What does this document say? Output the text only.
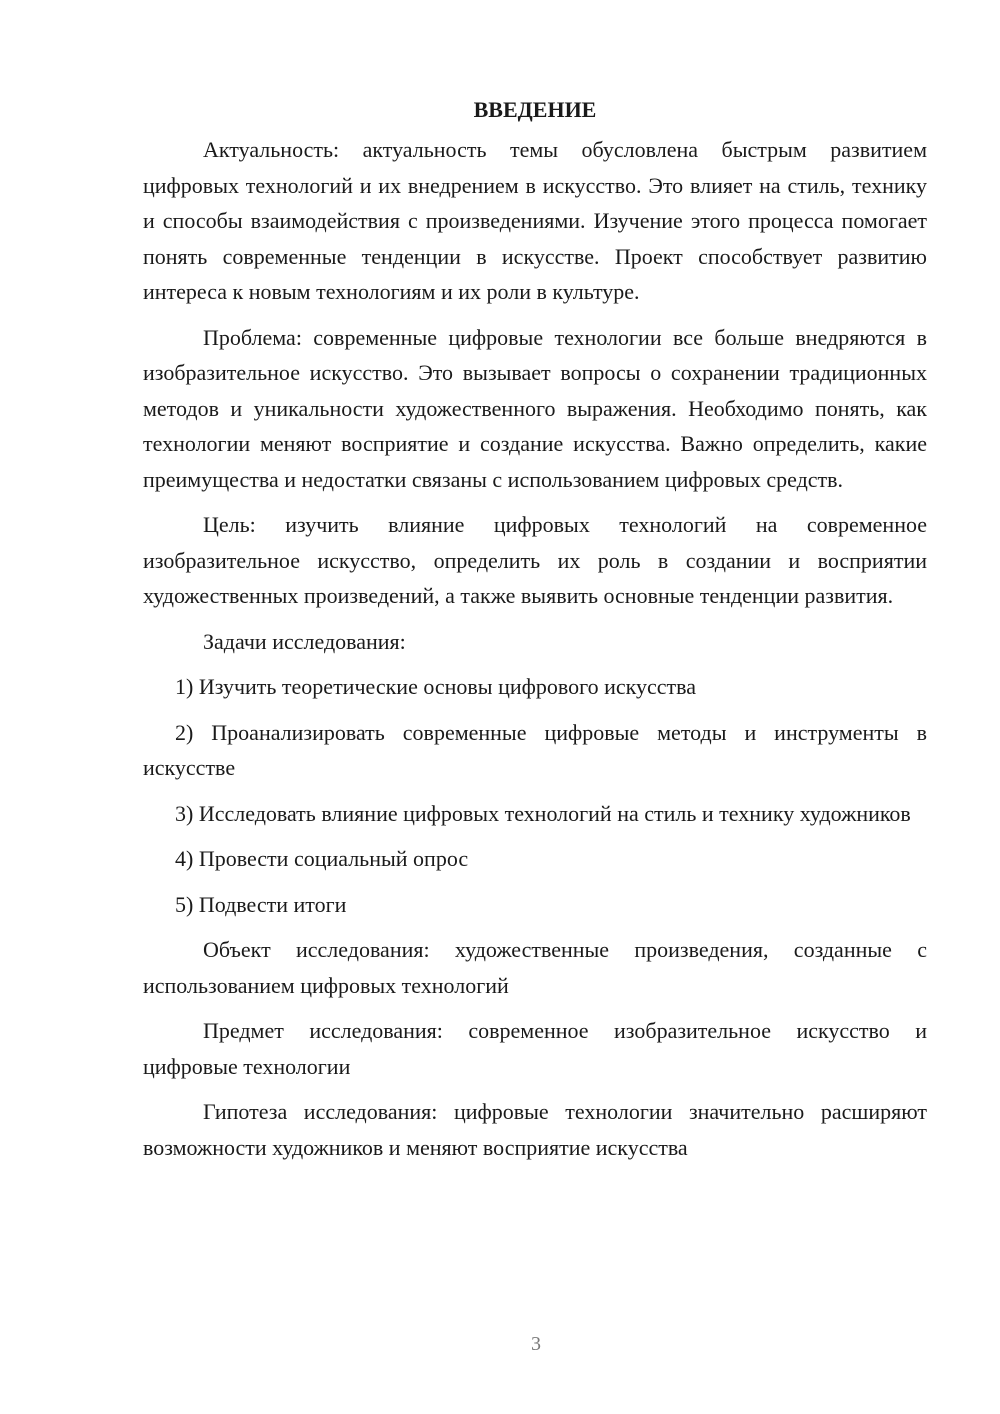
ВВЕДЕНИЕ

Актуальность: актуальность темы обусловлена быстрым развитием цифровых технологий и их внедрением в искусство. Это влияет на стиль, технику и способы взаимодействия с произведениями. Изучение этого процесса помогает понять современные тенденции в искусстве. Проект способствует развитию интереса к новым технологиям и их роли в культуре.

Проблема: современные цифровые технологии все больше внедряются в изобразительное искусство. Это вызывает вопросы о сохранении традиционных методов и уникальности художественного выражения. Необходимо понять, как технологии меняют восприятие и создание искусства. Важно определить, какие преимущества и недостатки связаны с использованием цифровых средств.

Цель: изучить влияние цифровых технологий на современное изобразительное искусство, определить их роль в создании и восприятии художественных произведений, а также выявить основные тенденции развития.

Задачи исследования:

1) Изучить теоретические основы цифрового искусства

2) Проанализировать современные цифровые методы и инструменты в искусстве

3) Исследовать влияние цифровых технологий на стиль и технику художников

4) Провести социальный опрос

5) Подвести итоги

Объект исследования: художественные произведения, созданные с использованием цифровых технологий

Предмет исследования: современное изобразительное искусство и цифровые технологии

Гипотеза исследования: цифровые технологии значительно расширяют возможности художников и меняют восприятие искусства

3
